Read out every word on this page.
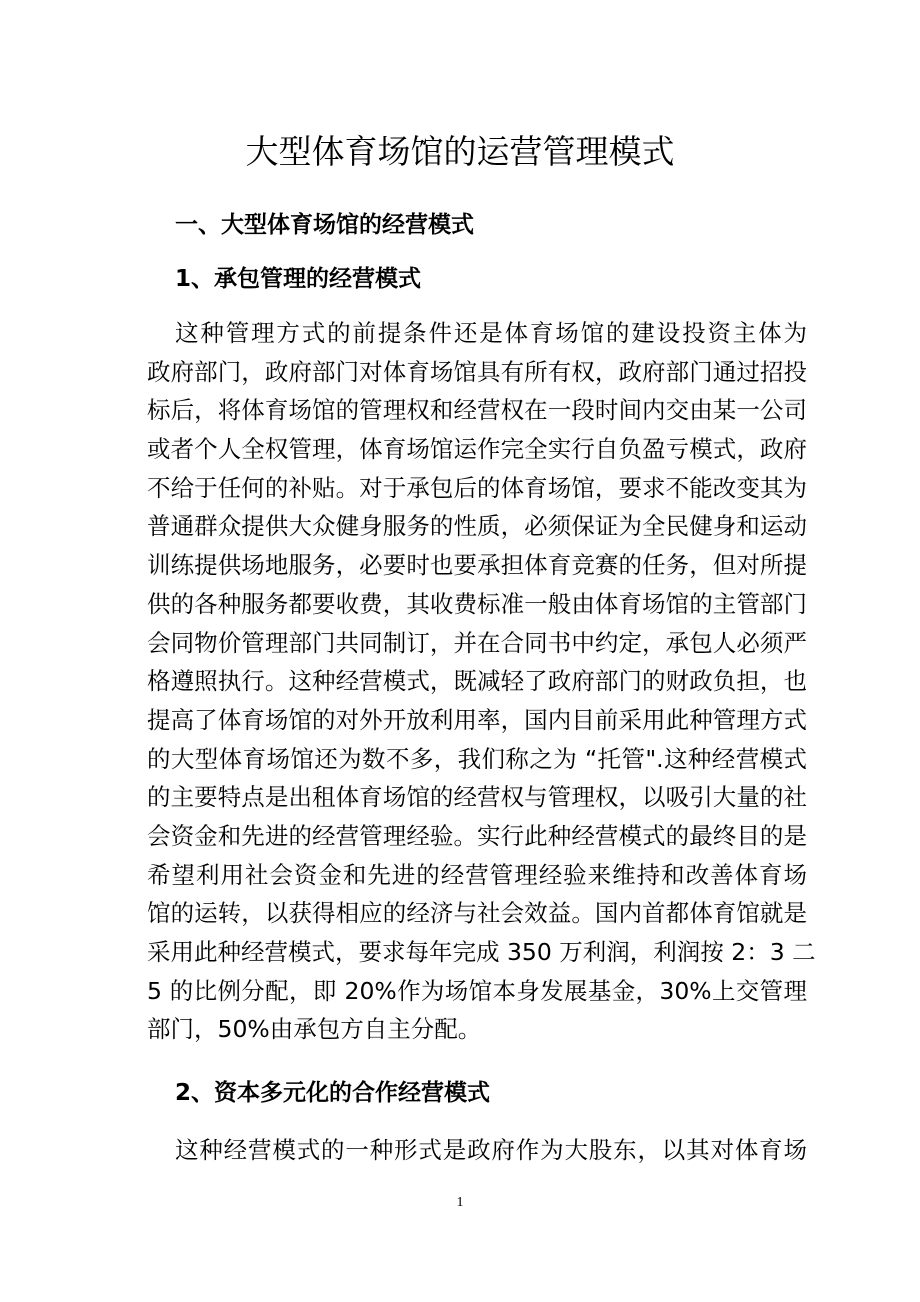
大型体育场馆的运营管理模式
一、大型体育场馆的经营模式
1、承包管理的经营模式
这种管理方式的前提条件还是体育场馆的建设投资主体为
政府部门，政府部门对体育场馆具有所有权，政府部门通过招投
标后，将体育场馆的管理权和经营权在一段时间内交由某一公司
或者个人全权管理，体育场馆运作完全实行自负盈亏模式，政府
不给于任何的补贴。对于承包后的体育场馆，要求不能改变其为
普通群众提供大众健身服务的性质，必须保证为全民健身和运动
训练提供场地服务，必要时也要承担体育竞赛的任务，但对所提
供的各种服务都要收费，其收费标准一般由体育场馆的主管部门
会同物价管理部门共同制订，并在合同书中约定，承包人必须严
格遵照执行。这种经营模式，既减轻了政府部门的财政负担，也
提高了体育场馆的对外开放利用率，国内目前采用此种管理方式
的大型体育场馆还为数不多，我们称之为 “托管".这种经营模式
的主要特点是出租体育场馆的经营权与管理权，以吸引大量的社
会资金和先进的经营管理经验。实行此种经营模式的最终目的是
希望利用社会资金和先进的经营管理经验来维持和改善体育场
馆的运转，以获得相应的经济与社会效益。国内首都体育馆就是
采用此种经营模式，要求每年完成 350 万利润，利润按 2：3 二
5 的比例分配，即 20%作为场馆本身发展基金，30%上交管理
部门，50%由承包方自主分配。
2、资本多元化的合作经营模式
这种经营模式的一种形式是政府作为大股东，以其对体育场
1
